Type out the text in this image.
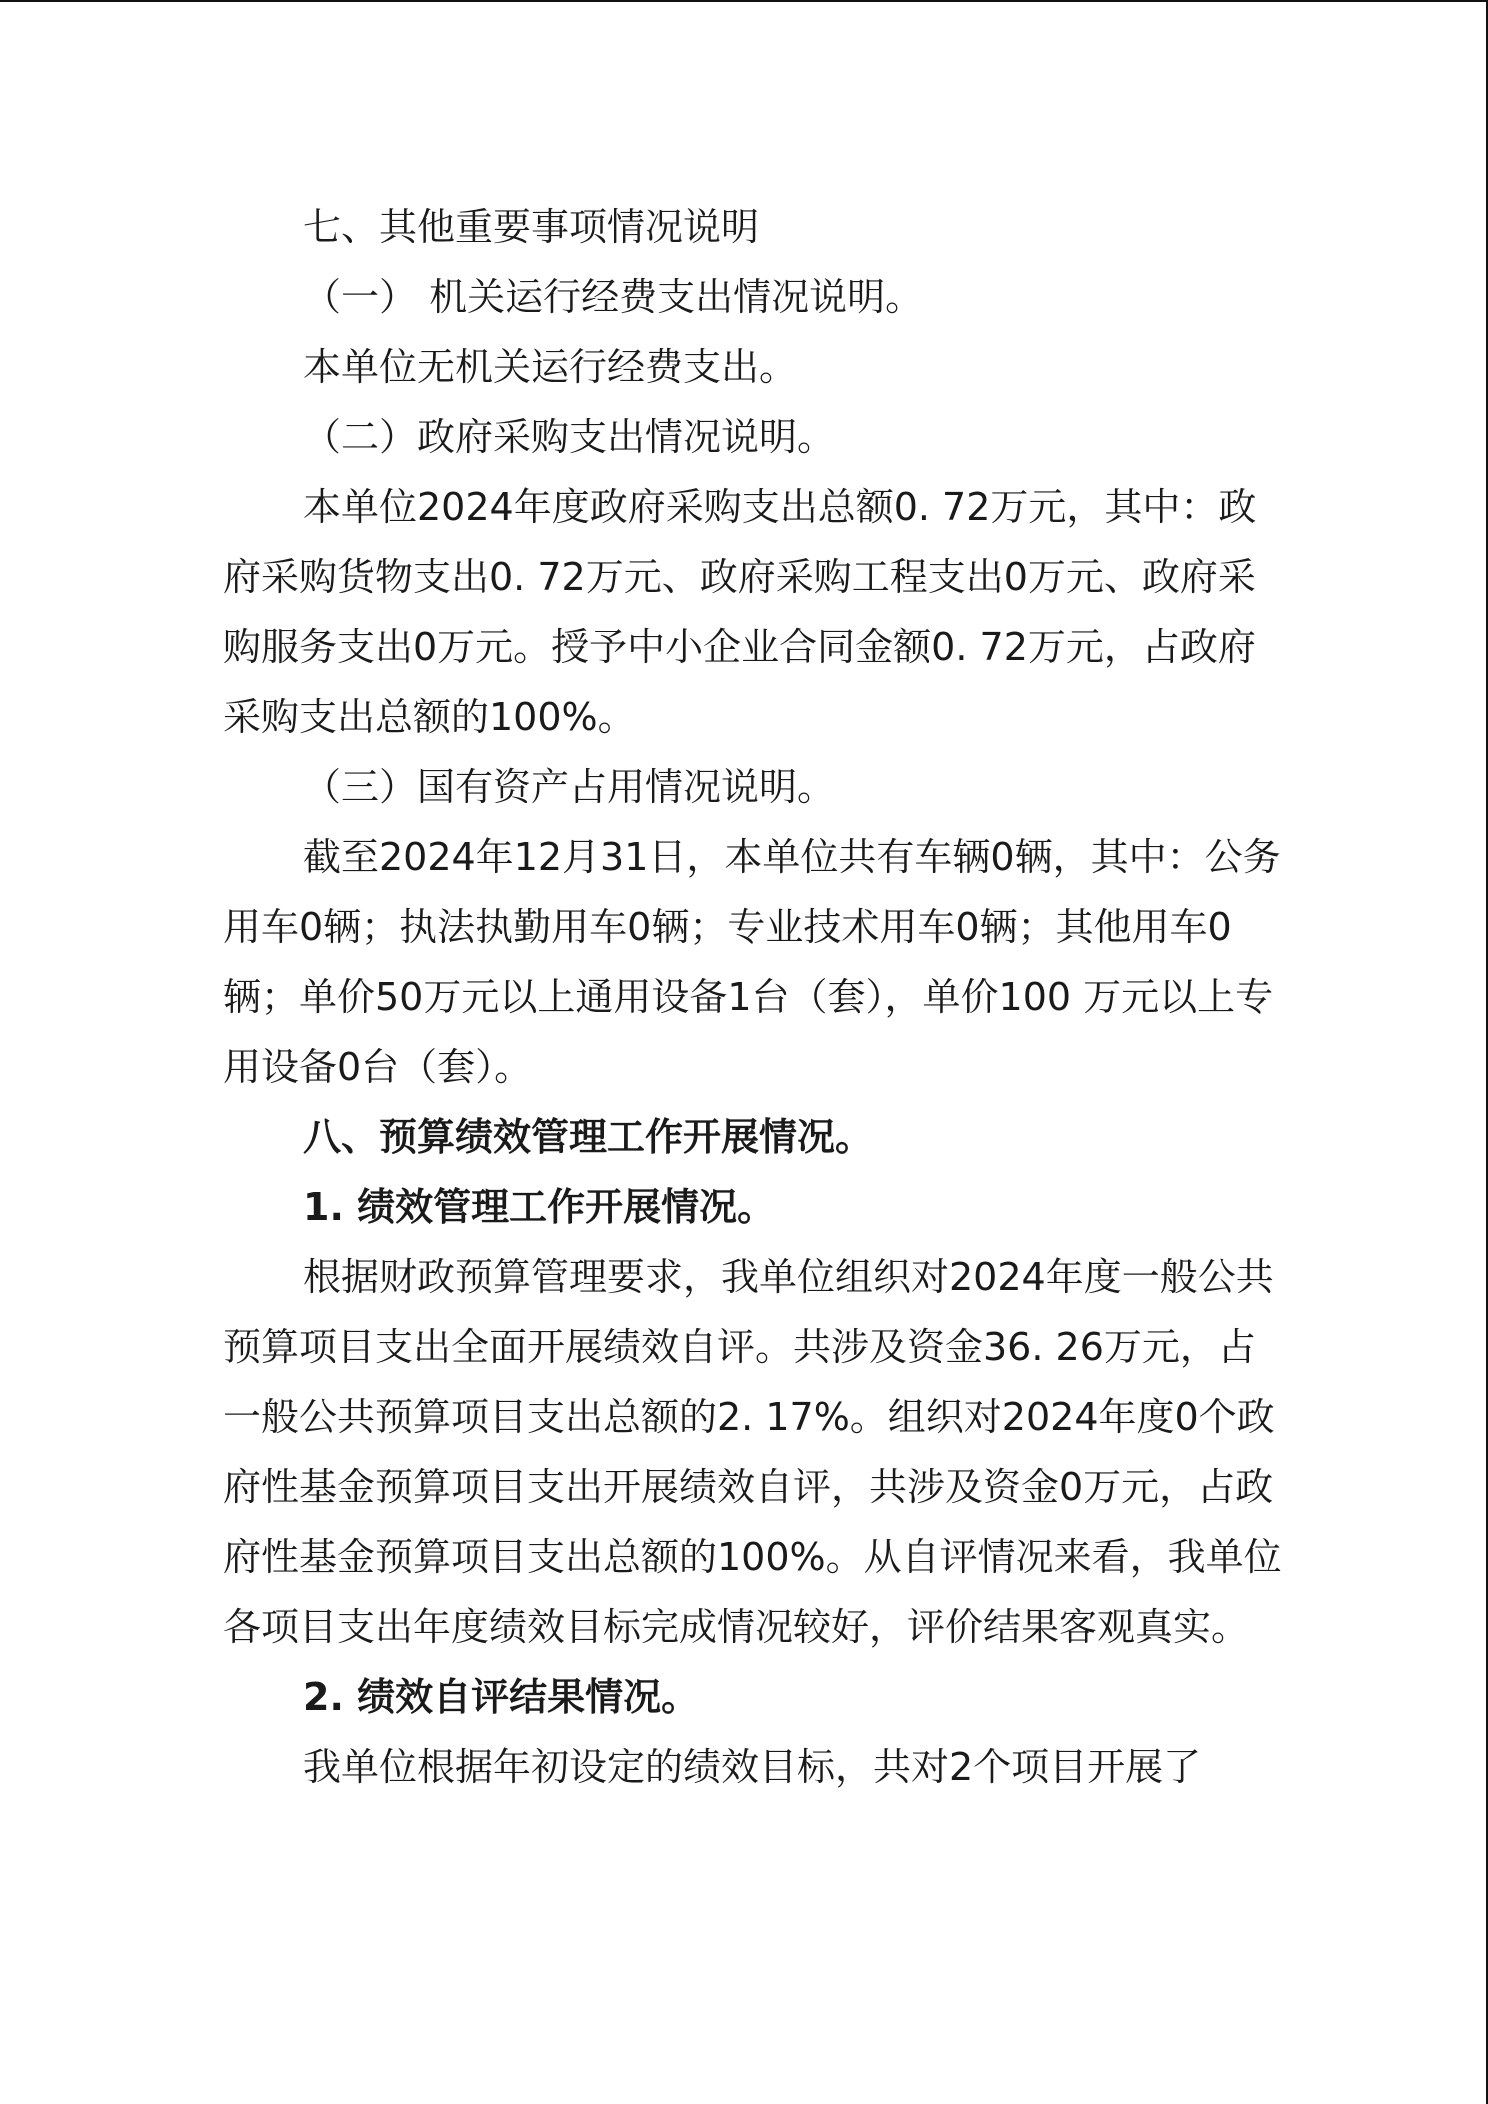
七、其他重要事项情况说明

（一） 机关运行经费支出情况说明。

本单位无机关运行经费支出。

（二）政府采购支出情况说明。

本单位2024年度政府采购支出总额0. 72万元，其中：政府采购货物支出0. 72万元、政府采购工程支出0万元、政府采购服务支出0万元。授予中小企业合同金额0. 72万元，占政府采购支出总额的100%。

（三）国有资产占用情况说明。

截至2024年12月31日，本单位共有车辆0辆，其中：公务用车0辆；执法执勤用车0辆；专业技术用车0辆；其他用车0辆；单价50万元以上通用设备1台（套），单价100 万元以上专用设备0台（套）。

八、预算绩效管理工作开展情况。

1. 绩效管理工作开展情况。

根据财政预算管理要求，我单位组织对2024年度一般公共预算项目支出全面开展绩效自评。共涉及资金36. 26万元，占一般公共预算项目支出总额的2. 17%。组织对2024年度0个政府性基金预算项目支出开展绩效自评，共涉及资金0万元，占政府性基金预算项目支出总额的100%。从自评情况来看，我单位各项目支出年度绩效目标完成情况较好，评价结果客观真实。

2. 绩效自评结果情况。

我单位根据年初设定的绩效目标，共对2个项目开展了
